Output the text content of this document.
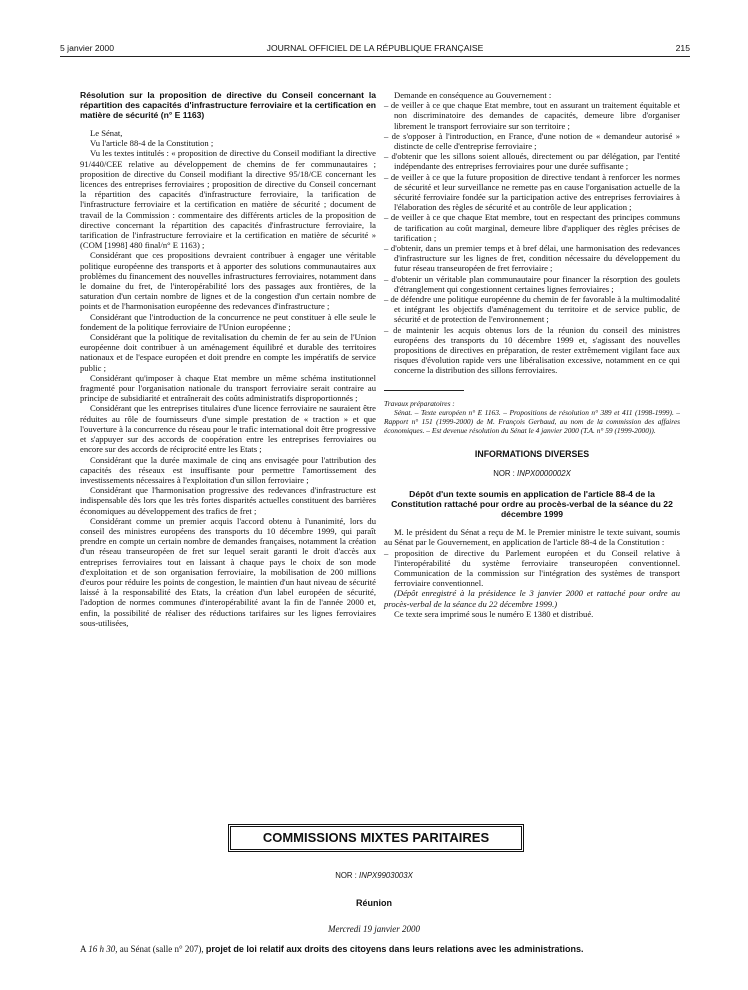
5 janvier 2000	JOURNAL OFFICIEL DE LA RÉPUBLIQUE FRANÇAISE	215
Résolution sur la proposition de directive du Conseil concernant la répartition des capacités d'infrastructure ferroviaire et la certification en matière de sécurité (n° E 1163)

Le Sénat,

Vu l'article 88-4 de la Constitution ;

Vu les textes intitulés : « proposition de directive du Conseil modifiant la directive 91/440/CEE relative au développement de chemins de fer communautaires ; proposition de directive du Conseil modifiant la directive 95/18/CE concernant les licences des entreprises ferroviaires ; proposition de directive du Conseil concernant la répartition des capacités d'infrastructure ferroviaire, la tarification de l'infrastructure ferroviaire et la certification en matière de sécurité ; document de travail de la Commission : commentaire des différents articles de la proposition de directive concernant la répartition des capacités d'infrastructure ferroviaire, la tarification de l'infrastructure ferroviaire et la certification en matière de sécurité » (COM [1998] 480 final/n° E 1163) ;

Considérant que ces propositions devraient contribuer à engager une véritable politique européenne des transports et à apporter des solutions communautaires aux problèmes du financement des nouvelles infrastructures ferroviaires, notamment dans le domaine du fret, de l'interopérabilité lors des passages aux frontières, de la saturation d'un certain nombre de lignes et de la congestion d'un certain nombre de points et de l'harmonisation européenne des redevances d'infrastructure ;

Considérant que l'introduction de la concurrence ne peut constituer à elle seule le fondement de la politique ferroviaire de l'Union européenne ;

Considérant que la politique de revitalisation du chemin de fer au sein de l'Union européenne doit contribuer à un aménagement équilibré et durable des territoires nationaux et de l'espace européen et doit prendre en compte les impératifs de service public ;

Considérant qu'imposer à chaque Etat membre un même schéma institutionnel fragmenté pour l'organisation nationale du transport ferroviaire serait contraire au principe de subsidiarité et entraînerait des coûts administratifs disproportionnés ;

Considérant que les entreprises titulaires d'une licence ferroviaire ne sauraient être réduites au rôle de fournisseurs d'une simple prestation de « traction » et que l'ouverture à la concurrence du réseau pour le trafic international doit être progressive et s'appuyer sur des accords de coopération entre les entreprises ferroviaires ou encore sur des accords de réciprocité entre les Etats ;

Considérant que la durée maximale de cinq ans envisagée pour l'attribution des capacités des réseaux est insuffisante pour permettre l'amortissement des investissements nécessaires à l'exploitation d'un sillon ferroviaire ;

Considérant que l'harmonisation progressive des redevances d'infrastructure est indispensable dès lors que les très fortes disparités actuelles constituent des barrières économiques au développement des trafics de fret ;

Considérant comme un premier acquis l'accord obtenu à l'unanimité, lors du conseil des ministres européens des transports du 10 décembre 1999, qui paraît prendre en compte un certain nombre de demandes françaises, notamment la création d'un réseau transeuropéen de fret sur lequel serait garanti le droit d'accès aux entreprises ferroviaires tout en laissant à chaque pays le choix de son mode d'exploitation et de son organisation ferroviaire, la mobilisation de 200 millions d'euros pour réduire les points de congestion, le maintien d'un haut niveau de sécurité laissé à la responsabilité des Etats, la création d'un label européen de sécurité, l'adoption de normes communes d'interopérabilité avant la fin de l'année 2000 et, enfin, la possibilité de réaliser des réductions tarifaires sur les lignes ferroviaires sous-utilisées,

Demande en conséquence au Gouvernement :

– de veiller à ce que chaque Etat membre, tout en assurant un traitement équitable et non discriminatoire des demandes de capacités, demeure libre d'organiser librement le transport ferroviaire sur son territoire ;

– de s'opposer à l'introduction, en France, d'une notion de « demandeur autorisé » distincte de celle d'entreprise ferroviaire ;

– d'obtenir que les sillons soient alloués, directement ou par délégation, par l'entité indépendante des entreprises ferroviaires pour une durée suffisante ;

– de veiller à ce que la future proposition de directive tendant à renforcer les normes de sécurité et leur surveillance ne remette pas en cause l'organisation actuelle de la sécurité ferroviaire fondée sur la participation active des entreprises ferroviaires à l'élaboration des règles de sécurité et au contrôle de leur application ;

– de veiller à ce que chaque Etat membre, tout en respectant des principes communs de tarification au coût marginal, demeure libre d'appliquer des règles précises de tarification ;

– d'obtenir, dans un premier temps et à bref délai, une harmonisation des redevances d'infrastructure sur les lignes de fret, condition nécessaire du développement du futur réseau transeuropéen de fret ferroviaire ;

– d'obtenir un véritable plan communautaire pour financer la résorption des goulets d'étranglement qui congestionnent certaines lignes ferroviaires ;

– de défendre une politique européenne du chemin de fer favorable à la multimodalité et intégrant les objectifs d'aménagement du territoire et de service public, de sécurité et de protection de l'environnement ;

– de maintenir les acquis obtenus lors de la réunion du conseil des ministres européens des transports du 10 décembre 1999 et, s'agissant des nouvelles propositions de directives en préparation, de rester extrêmement vigilant face aux risques d'évolution rapide vers une libéralisation excessive, notamment en ce qui concerne la distribution des sillons ferroviaires.

Travaux préparatoires :

Sénat. – Texte européen n° E 1163. – Propositions de résolution n° 389 et 411 (1998-1999). – Rapport n° 151 (1999-2000) de M. François Gerbaud, au nom de la commission des affaires économiques. – Est devenue résolution du Sénat le 4 janvier 2000 (T.A. n° 59 (1999-2000)).

INFORMATIONS DIVERSES
NOR : INPX0000002X
Dépôt d'un texte soumis en application de l'article 88-4 de la Constitution rattaché pour ordre au procès-verbal de la séance du 22 décembre 1999

M. le président du Sénat a reçu de M. le Premier ministre le texte suivant, soumis au Sénat par le Gouvernement, en application de l'article 88-4 de la Constitution :

– proposition de directive du Parlement européen et du Conseil relative à l'interopérabilité du système ferroviaire transeuropéen conventionnel. Communication de la commission sur l'intégration des systèmes de transport ferroviaire conventionnel.

(Dépôt enregistré à la présidence le 3 janvier 2000 et rattaché pour ordre au procès-verbal de la séance du 22 décembre 1999.)

Ce texte sera imprimé sous le numéro E 1380 et distribué.

COMMISSIONS MIXTES PARITAIRES
NOR : INPX9903003X
Réunion
Mercredi 19 janvier 2000
A 16 h 30, au Sénat (salle n° 207), projet de loi relatif aux droits des citoyens dans leurs relations avec les administrations.
